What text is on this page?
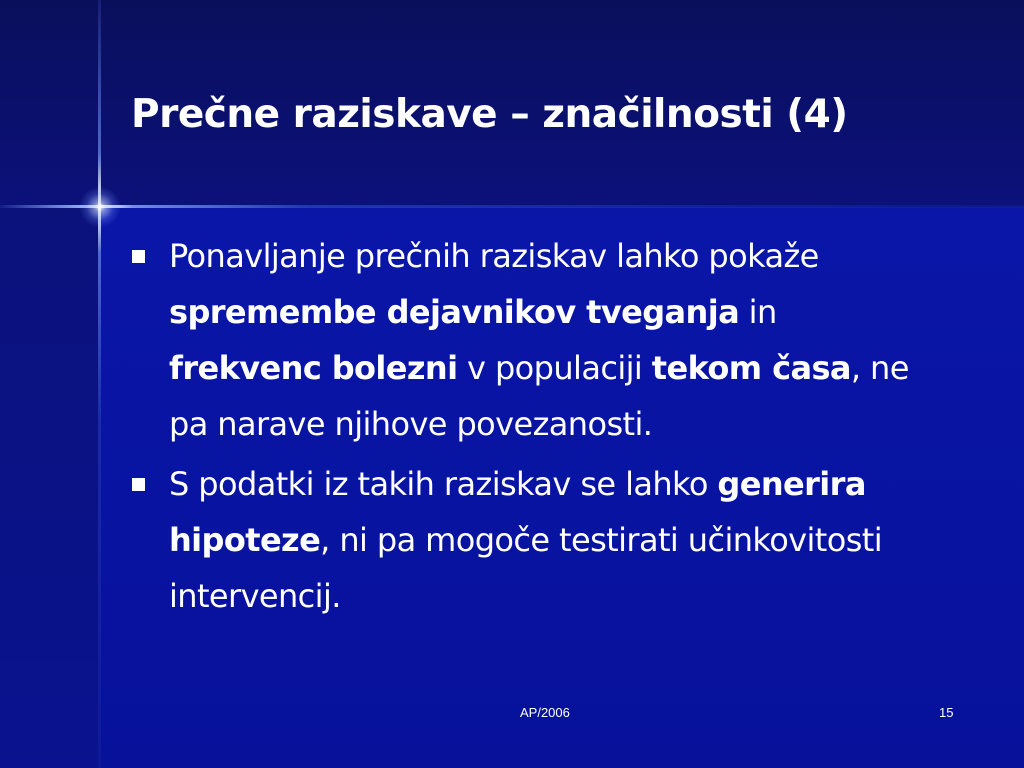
Prečne raziskave – značilnosti (4)
Ponavljanje prečnih raziskav lahko pokaže spremembe dejavnikov tveganja in frekvenc bolezni v populaciji tekom časa, ne pa narave njihove povezanosti.
S podatki iz takih raziskav se lahko generira hipoteze, ni pa mogoče testirati učinkovitosti intervencij.
AP/2006	15
